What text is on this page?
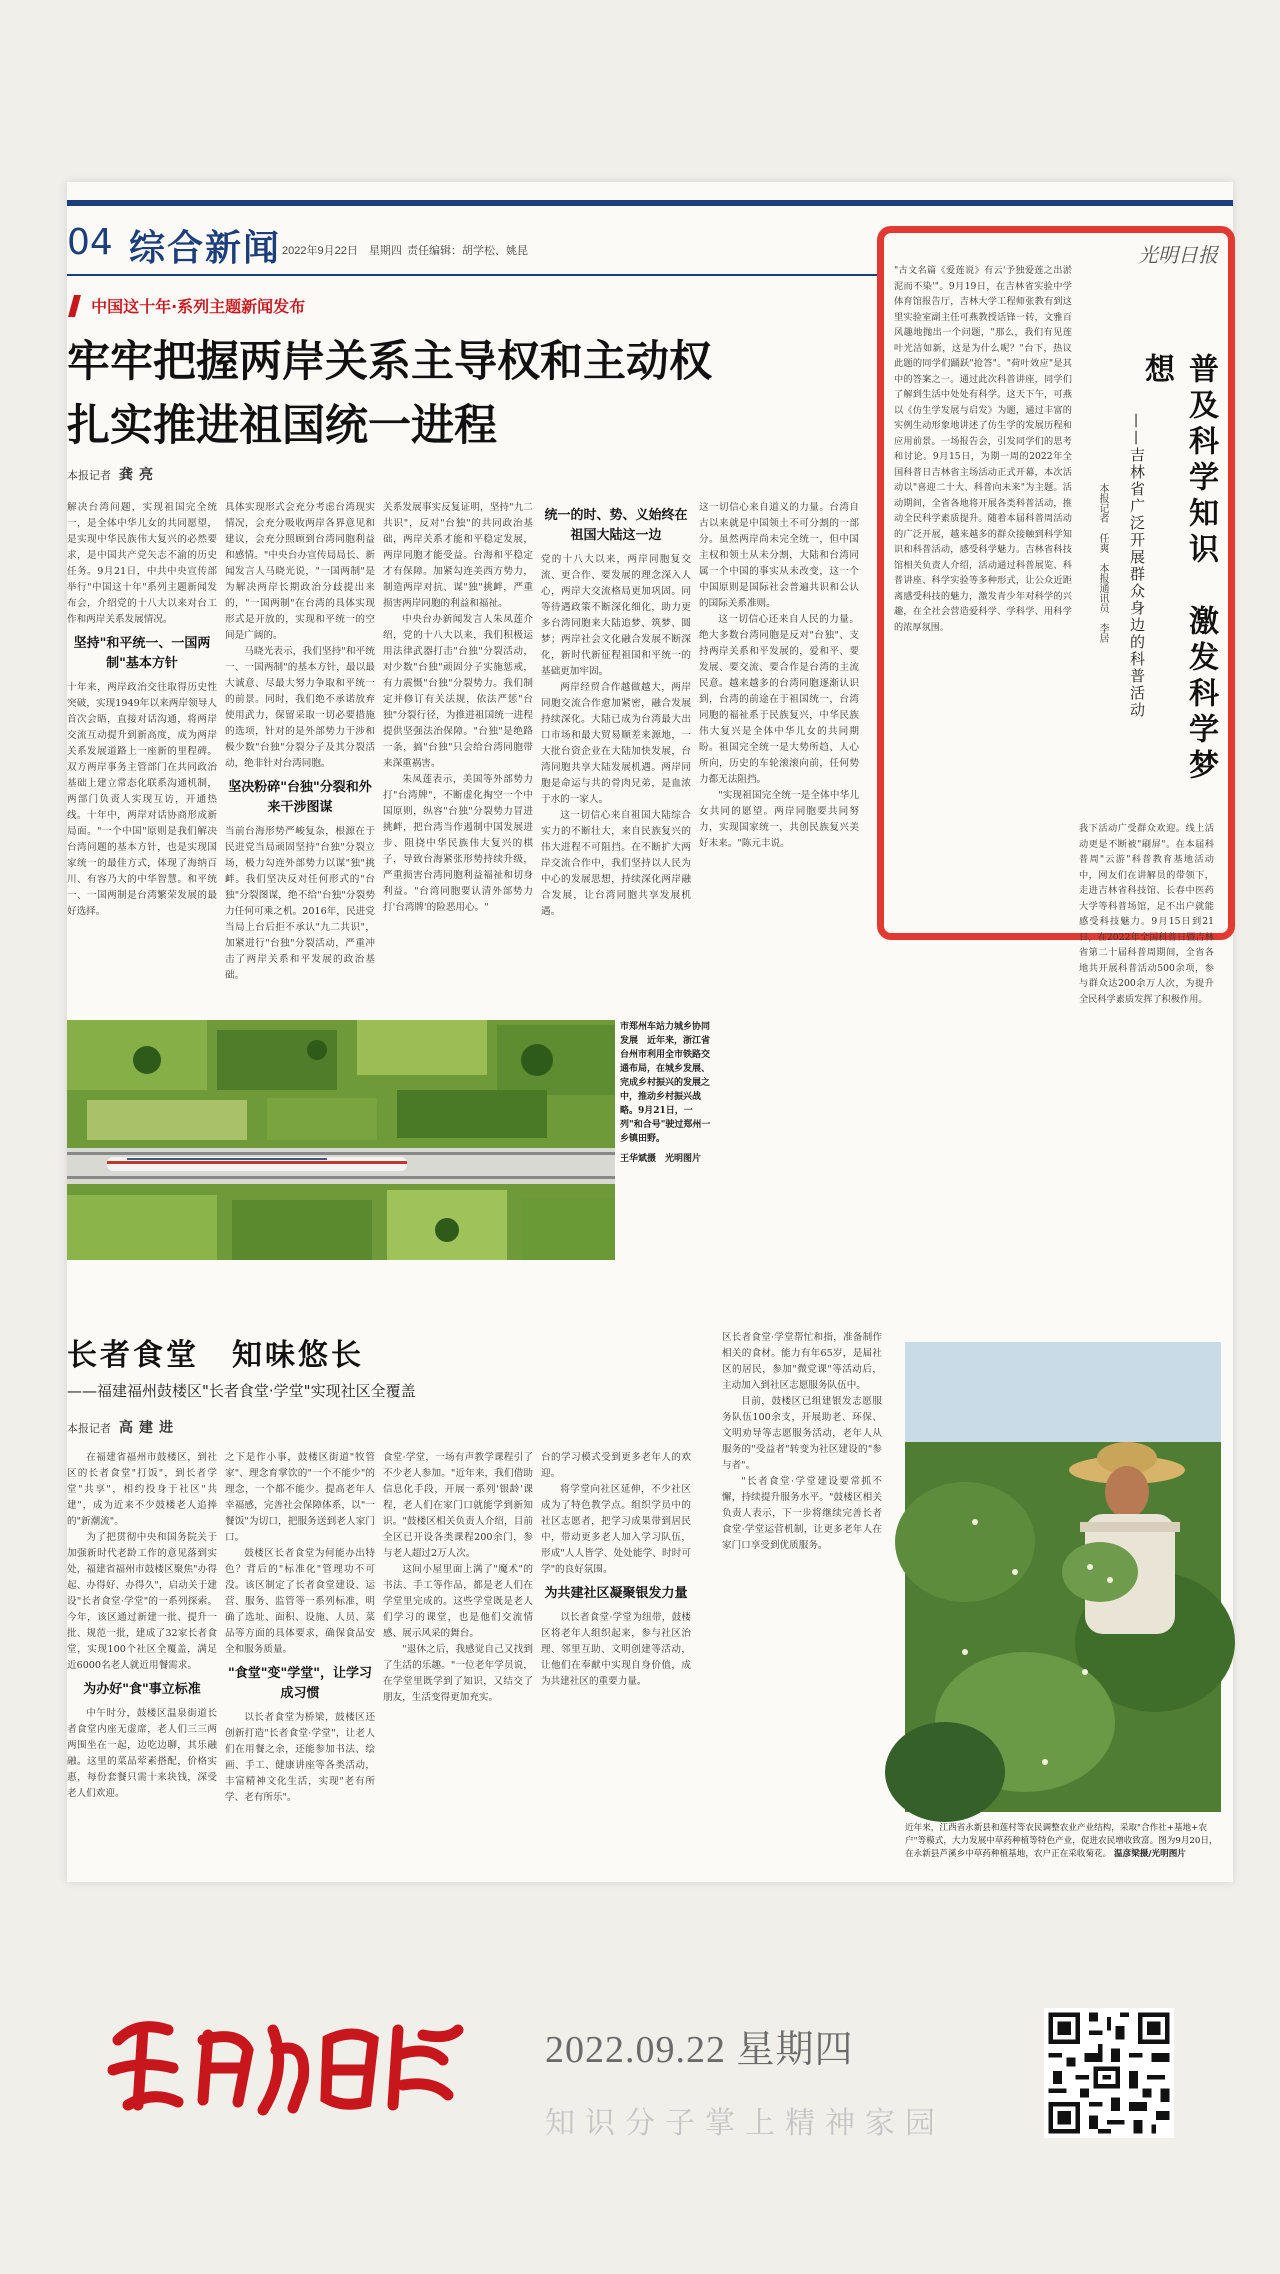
04 综合新闻 2022年9月22日　星期四 责任编辑：胡学松、姚昆
中国这十年·系列主题新闻发布
牢牢把握两岸关系主导权和主动权
扎实推进祖国统一进程
本报记者 龚亮

解决台湾问题，实现祖国完全统一，是全体中华儿女的共同愿望，是实现中华民族伟大复兴的必然要求，是中国共产党矢志不渝的历史任务。9月21日，中共中央宣传部举行"中国这十年"系列主题新闻发布会，介绍党的十八大以来对台工作和两岸关系发展情况。

坚持"和平统一、一国两制"基本方针

十年来，两岸政治交往取得历史性突破，实现1949年以来两岸领导人首次会晤，直接对话沟通，将两岸交流互动提升到新高度，成为两岸关系发展道路上一座新的里程碑。双方两岸事务主管部门在共同政治基础上建立常态化联系沟通机制，两部门负责人实现互访，开通热线。十年中，两岸对话协商形成新局面。"一个中国"原则是我们解决台湾问题的基本方针，也是实现国家统一的最佳方式，体现了海纳百川、有容乃大的中华智慧。和平统一、一国两制是台湾繁荣发展的最好选择。

具体实现形式会充分考虑台湾现实情况，会充分吸收两岸各界意见和建议，会充分照顾到台湾同胞利益和感情。"中央台办宣传局局长、新闻发言人马晓光说，"一国两制"是为解决两岸长期政治分歧提出来的，"一国两制"在台湾的具体实现形式是开放的，实现和平统一的空间是广阔的。

马晓光表示，我们坚持"和平统一、一国两制"的基本方针，最以最大诚意、尽最大努力争取和平统一的前景。同时，我们绝不承诺放弃使用武力，保留采取一切必要措施的选项，针对的是外部势力干涉和极少数"台独"分裂分子及其分裂活动，绝非针对台湾同胞。

坚决粉碎"台独"分裂和外来干涉图谋

当前台海形势严峻复杂，根源在于民进党当局顽固坚持"台独"分裂立场，极力勾连外部势力以谋"独"挑衅。我们坚决反对任何形式的"台独"分裂图谋，绝不给"台独"分裂势力任何可乘之机。2016年，民进党当局上台后拒不承认"九二共识"，加紧进行"台独"分裂活动，严重冲击了两岸关系和平发展的政治基础。

关系发展事实反复证明，坚持"九二共识"，反对"台独"的共同政治基础，两岸关系才能和平稳定发展，两岸同胞才能受益。台海和平稳定才有保障。加紧勾连美西方势力，制造两岸对抗、谋"独"挑衅，严重损害两岸同胞的利益和福祉。

中央台办新闻发言人朱凤莲介绍，党的十八大以来，我们积极运用法律武器打击"台独"分裂活动，对少数"台独"顽固分子实施惩戒，有力震慑"台独"分裂势力。我们制定并修订有关法规，依法严惩"台独"分裂行径，为推进祖国统一进程提供坚强法治保障。"台独"是绝路一条，搞"台独"只会给台湾同胞带来深重祸害。

朱凤莲表示，美国等外部势力打"台湾牌"，不断虚化掏空一个中国原则，纵容"台独"分裂势力冒进挑衅，把台湾当作遏制中国发展进步、阻挠中华民族伟大复兴的棋子，导致台海紧张形势持续升级，严重损害台湾同胞利益福祉和切身利益。"台湾同胞要认清外部势力打'台湾牌'的险恶用心。"

统一的时、势、义始终在祖国大陆这一边

党的十八大以来，两岸同胞复交流、更合作、要发展的理念深入人心，两岸大交流格局更加巩固。同等待遇政策不断深化细化，助力更多台湾同胞来大陆追梦、筑梦、圆梦；两岸社会文化融合发展不断深化，新时代新征程祖国和平统一的基础更加牢固。

两岸经贸合作越做越大，两岸同胞交流合作愈加紧密，融合发展持续深化。大陆已成为台湾最大出口市场和最大贸易顺差来源地，一大批台资企业在大陆加快发展，台湾同胞共享大陆发展机遇。两岸同胞是命运与共的骨肉兄弟，是血浓于水的一家人。

这一切信心来自祖国大陆综合实力的不断壮大，来自民族复兴的伟大进程不可阻挡。在不断扩大两岸交流合作中，我们坚持以人民为中心的发展思想，持续深化两岸融合发展，让台湾同胞共享发展机遇。

这一切信心来自道义的力量。台湾自古以来就是中国领土不可分割的一部分。虽然两岸尚未完全统一，但中国主权和领土从未分割，大陆和台湾同属一个中国的事实从未改变，这一个中国原则是国际社会普遍共识和公认的国际关系准则。

这一切信心还来自人民的力量。绝大多数台湾同胞是反对"台独"、支持两岸关系和平发展的，爱和平、要发展、要交流、要合作是台湾的主流民意。越来越多的台湾同胞逐渐认识到，台湾的前途在于祖国统一，台湾同胞的福祉系于民族复兴，中华民族伟大复兴是全体中华儿女的共同期盼。祖国完全统一是大势所趋、人心所向，历史的车轮滚滚向前，任何势力都无法阻挡。

"实现祖国完全统一是全体中华儿女共同的愿望。两岸同胞要共同努力，实现国家统一，共创民族复兴美好未来。"陈元丰说。

市郑州车站力城乡协同发展　近年来，浙江省台州市利用全市铁路交通布局，在城乡发展、完成乡村振兴的发展之中，推动乡村振兴战略。9月21日，一列"和合号"驶过郑州一乡镇田野。
王华斌摄　光明图片
长者食堂　知味悠长
——福建福州鼓楼区"长者食堂·学堂"实现社区全覆盖
本报记者 高建进

在福建省福州市鼓楼区，到社区的长者食堂"打饭"，到长者学堂"共享"，相约投身于社区"共建"，成为近来不少鼓楼老人追捧的"新潮流"。

为了把贯彻中央和国务院关于加强新时代老龄工作的意见落到实处，福建省福州市鼓楼区聚焦"办得起、办得好、办得久"，启动关于建设"长者食堂·学堂"的一系列探索。今年，该区通过新建一批、提升一批、规范一批，建成了32家长者食堂，实现100个社区全覆盖，满足近6000名老人就近用餐需求。

为办好"食"事立标准

中午时分，鼓楼区温泉街道长者食堂内座无虚席，老人们三三两两围坐在一起，边吃边聊，其乐融融。这里的菜品荤素搭配，价格实惠，每份套餐只需十来块钱，深受老人们欢迎。

之下是作小事，鼓楼区街道"牧管家"、理念育掌饮的"一个不能少"的理念，一个都不能少。提高老年人幸福感，完善社会保障体系，以"一餐饭"为切口，把服务送到老人家门口。

鼓楼区长者食堂为何能办出特色？背后的"标准化"管理功不可没。该区制定了长者食堂建设、运营、服务、监管等一系列标准，明确了选址、面积、设施、人员、菜品等方面的具体要求，确保食品安全和服务质量。

"食堂"变"学堂"，让学习成习惯

以长者食堂为桥梁，鼓楼区还创新打造"长者食堂·学堂"，让老人们在用餐之余，还能参加书法、绘画、手工、健康讲座等各类活动，丰富精神文化生活，实现"老有所学、老有所乐"。

食堂·学堂，一场有声教学课程引了不少老人参加。"近年来，我们借助信息化手段，开展一系列'银龄'课程，老人们在家门口就能学到新知识。"鼓楼区相关负责人介绍，目前全区已开设各类课程200余门，参与老人超过2万人次。

这间小屋里面上满了"魔术"的书法、手工等作品，都是老人们在学堂里完成的。这些学堂既是老人们学习的课堂，也是他们交流情感、展示风采的舞台。

"退休之后，我感觉自己又找到了生活的乐趣。"一位老年学员说，在学堂里既学到了知识，又结交了朋友，生活变得更加充实。

台的学习模式受到更多老年人的欢迎。

将学堂向社区延伸，不少社区成为了特色教学点。组织学员中的社区志愿者，把学习成果带到居民中，带动更多老人加入学习队伍，形成"人人皆学、处处能学、时时可学"的良好氛围。

为共建社区凝聚银发力量

以长者食堂·学堂为纽带，鼓楼区将老年人组织起来，参与社区治理、邻里互助、文明创建等活动，让他们在奉献中实现自身价值，成为共建社区的重要力量。

区长者食堂·学堂帮忙和指，准备制作相关的食材。能力有年65岁，是届社区的居民，参加"微党课"等活动后，主动加入到社区志愿服务队伍中。

目前，鼓楼区已组建银发志愿服务队伍100余支，开展助老、环保、文明劝导等志愿服务活动，老年人从服务的"受益者"转变为社区建设的"参与者"。

"长者食堂·学堂建设要常抓不懈，持续提升服务水平。"鼓楼区相关负责人表示，下一步将继续完善长者食堂·学堂运营机制，让更多老年人在家门口享受到优质服务。

光明日报
普及科学知识　激发科学梦想
——吉林省广泛开展群众身边的科普活动
本报记者　任爽　本报通讯员　李居
"古文名篇《爱莲说》有云'予独爱莲之出淤泥而不染'"。9月19日，在吉林省实验中学体育馆报告厅，吉林大学工程师张教有到这里实验室副主任可燕教授话锋一转，文雅百风趣地抛出一个问题，"那么，我们有见莲叶光洁如新，这是为什么呢？"台下，热议此题的同学们踊跃"抢答"。"荷叶效应"是其中的答案之一。通过此次科普讲座，同学们了解到生活中处处有科学。这天下午，可燕以《仿生学发展与启发》为题，通过丰富的实例生动形象地讲述了仿生学的发展历程和应用前景。一场报告会，引发同学们的思考和讨论。9月15日，为期一周的2022年全国科普日吉林省主场活动正式开幕，本次活动以"喜迎二十大、科普向未来"为主题。活动期间，全省各地将开展各类科普活动，推动全民科学素质提升。随着本届科普周活动的广泛开展，越来越多的群众接触到科学知识和科普活动，感受科学魅力。吉林省科技馆相关负责人介绍，活动通过科普展览、科普讲座、科学实验等多种形式，让公众近距离感受科技的魅力，激发青少年对科学的兴趣，在全社会营造爱科学、学科学、用科学的浓厚氛围。
我下活动广受群众欢迎。线上活动更是不断被"刷屏"。在本届科普周"云游"科普教育基地活动中，网友们在讲解员的带领下，走进吉林省科技馆、长春中医药大学等科普场馆，足不出户就能感受科技魅力。9月15日到21日，在2022年全国科普日暨吉林省第二十届科普周期间，全省各地共开展科普活动500余项，参与群众达200余万人次，为提升全民科学素质发挥了积极作用。
近年来，江西省永新县和莲村等农民调整农业产业结构，采取"合作社+基地+农户"等模式，大力发展中草药种植等特色产业，促进农民增收致富。图为9月20日，在永新县芦溪乡中草药种植基地，农户正在采收菊花。 温彦梁摄/光明图片
2022.09.22 星期四
知识分子掌上精神家园
